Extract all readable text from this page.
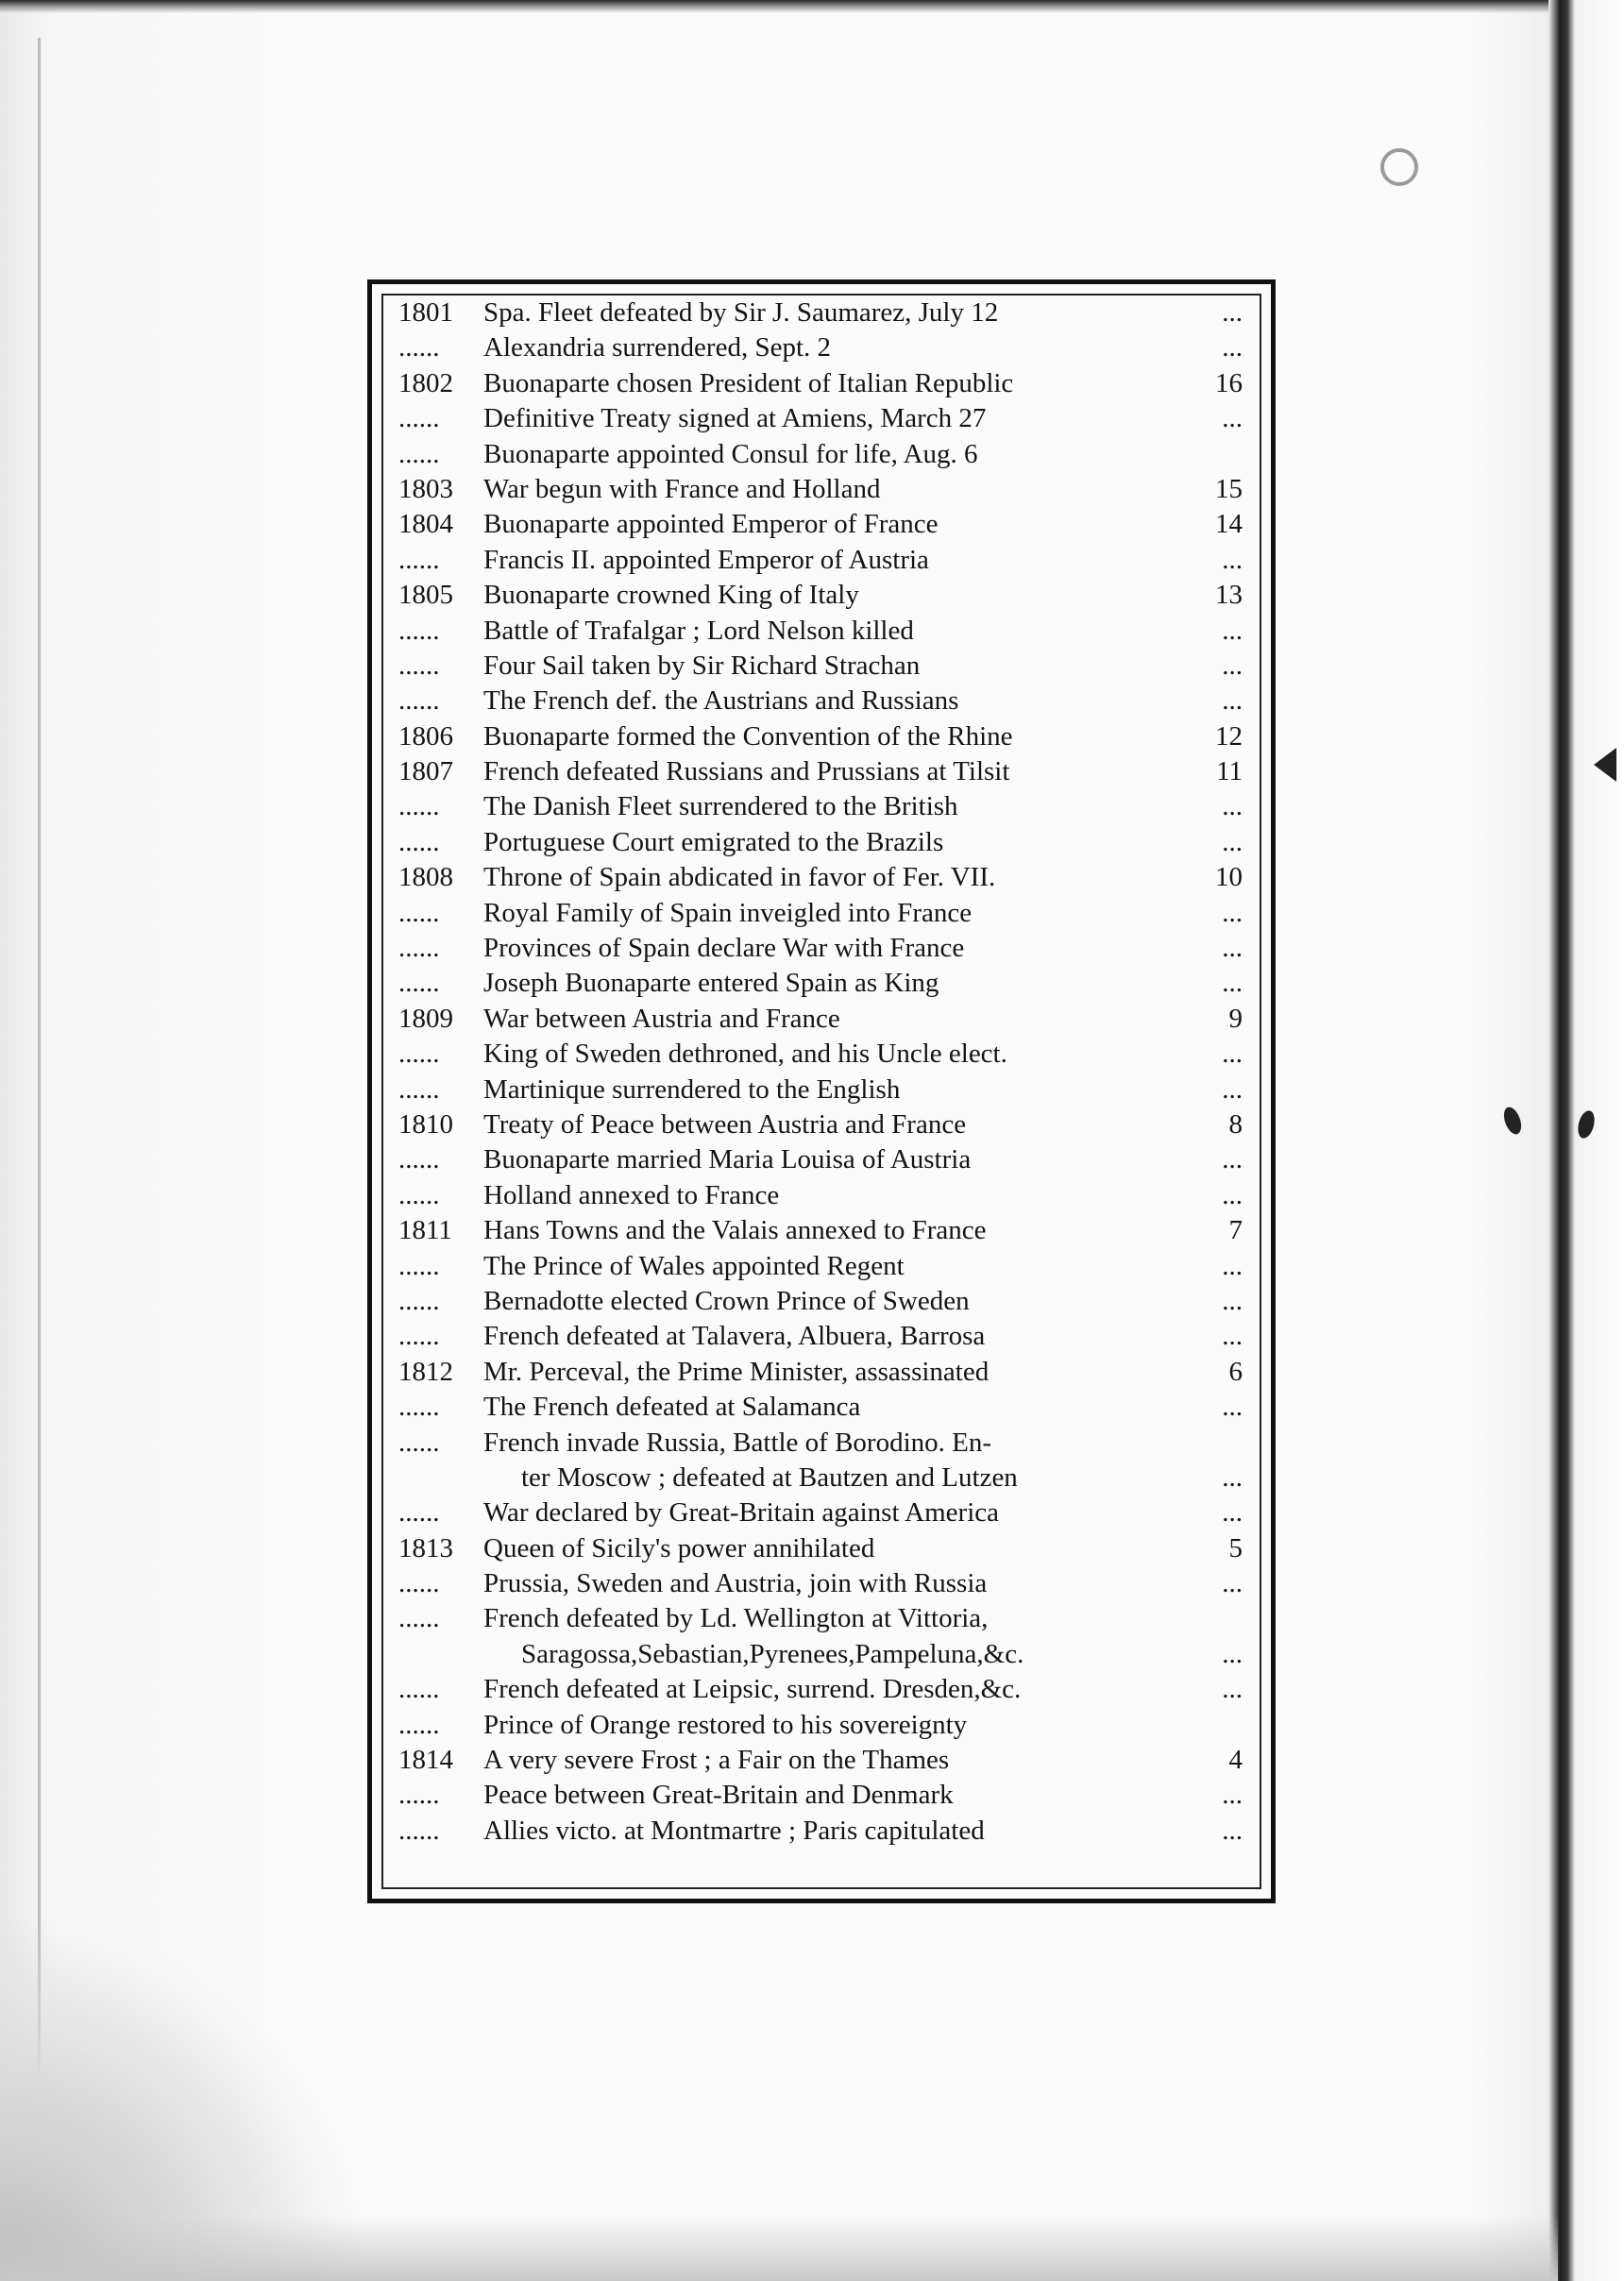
1801	Spa. Fleet defeated by Sir J. Saumarez, July 12	...
......	Alexandria surrendered, Sept. 2	...
1802	Buonaparte chosen President of Italian Republic	16
......	Definitive Treaty signed at Amiens, March 27	...
......	Buonaparte appointed Consul for life, Aug. 6
1803	War begun with France and Holland	15
1804	Buonaparte appointed Emperor of France	14
......	Francis II. appointed Emperor of Austria	...
1805	Buonaparte crowned King of Italy	13
......	Battle of Trafalgar ; Lord Nelson killed	...
......	Four Sail taken by Sir Richard Strachan	...
......	The French def. the Austrians and Russians	...
1806	Buonaparte formed the Convention of the Rhine	12
1807	French defeated Russians and Prussians at Tilsit	11
......	The Danish Fleet surrendered to the British	...
......	Portuguese Court emigrated to the Brazils	...
1808	Throne of Spain abdicated in favor of Fer. VII.	10
......	Royal Family of Spain inveigled into France	...
......	Provinces of Spain declare War with France	...
......	Joseph Buonaparte entered Spain as King	...
1809	War between Austria and France	9
......	King of Sweden dethroned, and his Uncle elect.	...
......	Martinique surrendered to the English	...
1810	Treaty of Peace between Austria and France	8
......	Buonaparte married Maria Louisa of Austria	...
......	Holland annexed to France	...
1811	Hans Towns and the Valais annexed to France	7
......	The Prince of Wales appointed Regent	...
......	Bernadotte elected Crown Prince of Sweden	...
......	French defeated at Talavera, Albuera, Barrosa	...
1812	Mr. Perceval, the Prime Minister, assassinated	6
......	The French defeated at Salamanca	...
......	French invade Russia, Battle of Borodino. En-
ter Moscow ; defeated at Bautzen and Lutzen	...
......	War declared by Great-Britain against America	...
1813	Queen of Sicily's power annihilated	5
......	Prussia, Sweden and Austria, join with Russia	...
......	French defeated by Ld. Wellington at Vittoria,
Saragossa,Sebastian,Pyrenees,Pampeluna,&c.	...
......	French defeated at Leipsic, surrend. Dresden,&c.	...
......	Prince of Orange restored to his sovereignty
1814	A very severe Frost ; a Fair on the Thames	4
......	Peace between Great-Britain and Denmark	...
......	Allies victo. at Montmartre ; Paris capitulated	...
